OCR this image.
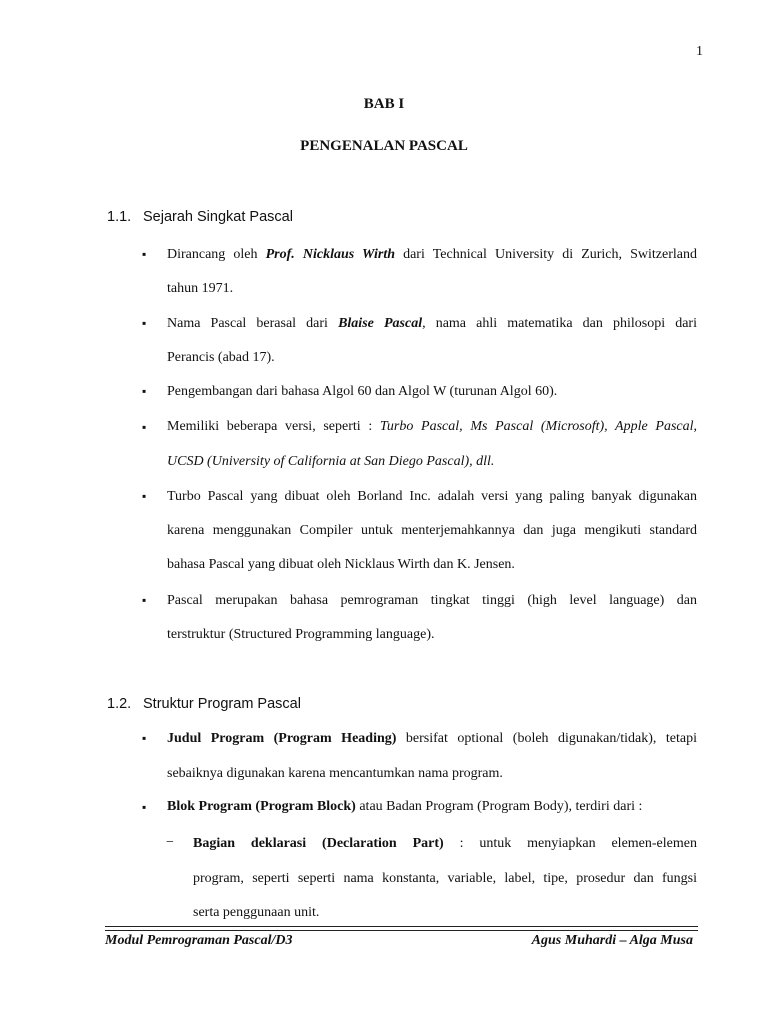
1
BAB I
PENGENALAN PASCAL
1.1. Sejarah Singkat Pascal
▪ Dirancang oleh Prof. Nicklaus Wirth dari Technical University di Zurich, Switzerland
tahun 1971.
▪ Nama Pascal berasal dari Blaise Pascal, nama ahli matematika dan philosopi dari
Perancis (abad 17).
▪ Pengembangan dari bahasa Algol 60 dan Algol W (turunan Algol 60).
▪ Memiliki beberapa versi, seperti : Turbo Pascal, Ms Pascal (Microsoft), Apple Pascal,
UCSD (University of California at San Diego Pascal), dll.
▪ Turbo Pascal yang dibuat oleh Borland Inc. adalah versi yang paling banyak digunakan
karena menggunakan Compiler untuk menterjemahkannya dan juga mengikuti standard
bahasa Pascal yang dibuat oleh Nicklaus Wirth dan K. Jensen.
▪ Pascal merupakan bahasa pemrograman tingkat tinggi (high level language) dan
terstruktur (Structured Programming language).
1.2. Struktur Program Pascal
▪ Judul Program (Program Heading) bersifat optional (boleh digunakan/tidak), tetapi
sebaiknya digunakan karena mencantumkan nama program.
▪ Blok Program (Program Block) atau Badan Program (Program Body), terdiri dari :
− Bagian deklarasi (Declaration Part) : untuk menyiapkan elemen-elemen
program, seperti seperti nama konstanta, variable, label, tipe, prosedur dan fungsi
serta penggunaan unit.
Modul Pemrograman Pascal/D3	Agus Muhardi – Alga Musa
